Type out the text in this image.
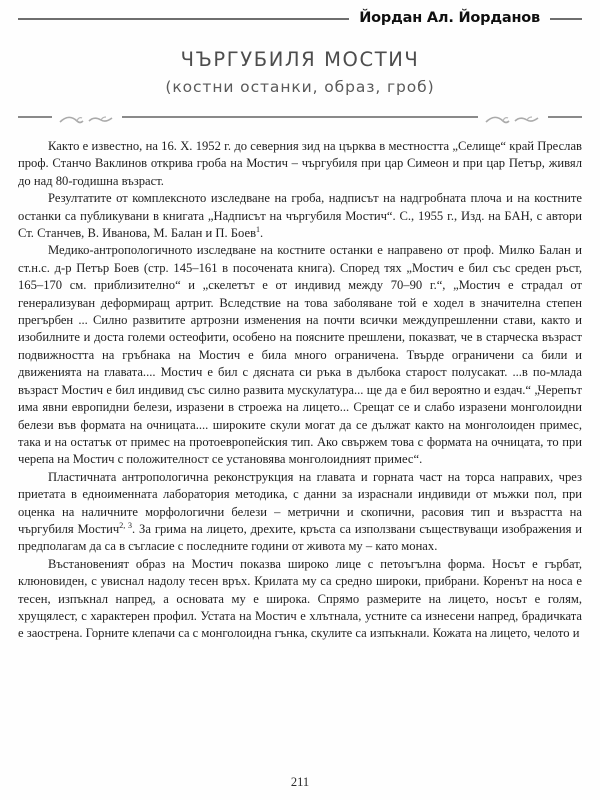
Йордан Ал. Йорданов
ЧЪРГУБИЛЯ МОСТИЧ
(костни останки, образ, гроб)

Както е известно, на 16. X. 1952 г. до северния зид на църква в местността „Селище“ край Преслав проф. Станчо Ваклинов открива гроба на Мостич – чъргубиля при цар Симеон и при цар Петър, живял до над 80-годишна възраст.

Резултатите от комплексното изследване на гроба, надписът на надгробната плоча и на костните останки са публикувани в книгата „Надписът на чъргубиля Мостич“. С., 1955 г., Изд. на БАН, с автори Ст. Станчев, В. Иванова, М. Балан и П. Боев$^1$.

Медико-антропологичното изследване на костните останки е направено от проф. Милко Балан и ст.н.с. д-р Петър Боев (стр. 145–161 в посочената книга). Според тях „Мостич е бил със среден ръст, 165–170 см. приблизително“ и „скелетът е от индивид между 70–90 г.“, „Мостич е страдал от генерализуван деформиращ артрит. Вследствие на това заболяване той е ходел в значителна степен прегърбен ... Силно развитите артрозни изменения на почти всички междупрешленни стави, както и изобилните и доста големи остеофити, особено на поясните прешлени, показват, че в старческа възраст подвижността на гръбнака на Мостич е била много ограничена. Твърде ограничени са били и движенията на главата.... Мостич е бил с дясната си ръка в дълбока старост полусакат. ...в по-млада възраст Мостич е бил индивид със силно развита мускулатура... ще да е бил вероятно и ездач.“ „Черепът има явни европидни белези, изразени в строежа на лицето... Срещат се и слабо изразени монголоидни белези във формата на очницата.... широките скули могат да се дължат както на монголоиден примес, така и на остатък от примес на протоевропейския тип. Ако свържем това с формата на очницата, то при черепа на Мостич с положителност се установява монголоидният примес“.

Пластичната антропологична реконструкция на главата и горната част на торса направих, чрез приетата в едноименната лаборатория методика, с данни за израснали индивиди от мъжки пол, при оценка на наличните морфологични белези – метрични и скопични, расовия тип и възрастта на чъргубиля Мостич$^{2, 3}$. За грима на лицето, дрехите, кръста са използвани съществуващи изображения и предполагам да са в съгласие с последните години от живота му – като монах.

Въстановеният образ на Мостич показва широко лице с петоъгълна форма. Носът е гърбат, клюновиден, с увиснал надолу тесен връх. Крилата му са средно широки, прибрани. Коренът на носа е тесен, изпъкнал напред, а основата му е широка. Спрямо размерите на лицето, носът е голям, хрущялест, с характерен профил. Устата на Мостич е хлътнала, устните са изнесени напред, брадичката е заострена. Горните клепачи са с монголоидна гънка, скулите са изпъкнали. Кожата на лицето, челото и

211
